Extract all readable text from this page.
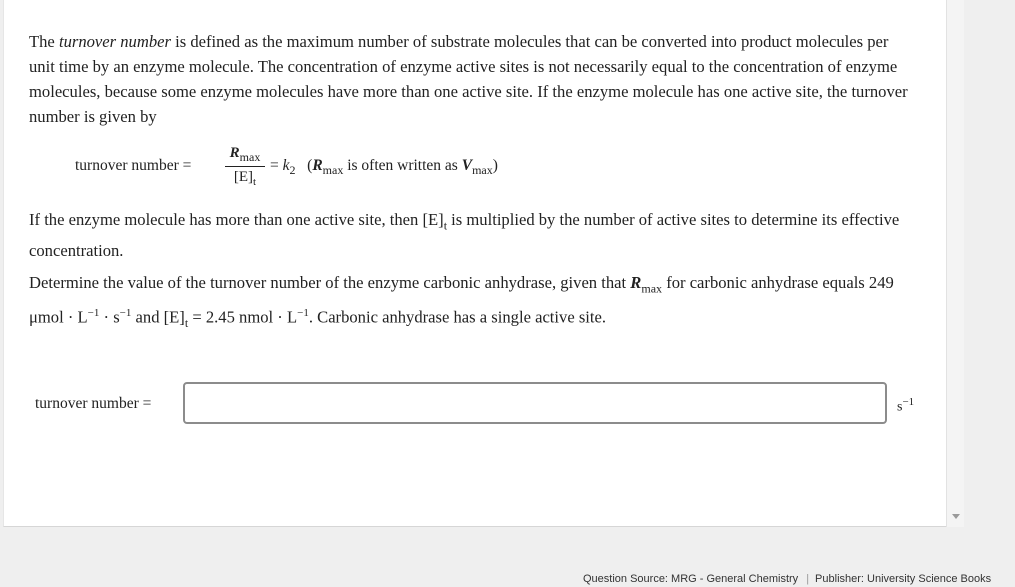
The turnover number is defined as the maximum number of substrate molecules that can be converted into product molecules per unit time by an enzyme molecule. The concentration of enzyme active sites is not necessarily equal to the concentration of enzyme molecules, because some enzyme molecules have more than one active site. If the enzyme molecule has one active site, the turnover number is given by

turnover number =
$R_{max}$
$[E]_t$
= $k_2$ ($R_{max}$ is often written as $V_{max}$)

If the enzyme molecule has more than one active site, then $[E]_t$ is multiplied by the number of active sites to determine its effective concentration.

Determine the value of the turnover number of the enzyme carbonic anhydrase, given that $R_{max}$ for carbonic anhydrase equals 249 $\mu mol \cdot L^{-1} \cdot s^{-1}$ and $[E]_t = 2.45$ nmol · $L^{-1}$. Carbonic anhydrase has a single active site.

turnover number =	$s^{-1}$
Question Source: MRG - General Chemistry | Publisher: University Science Books
